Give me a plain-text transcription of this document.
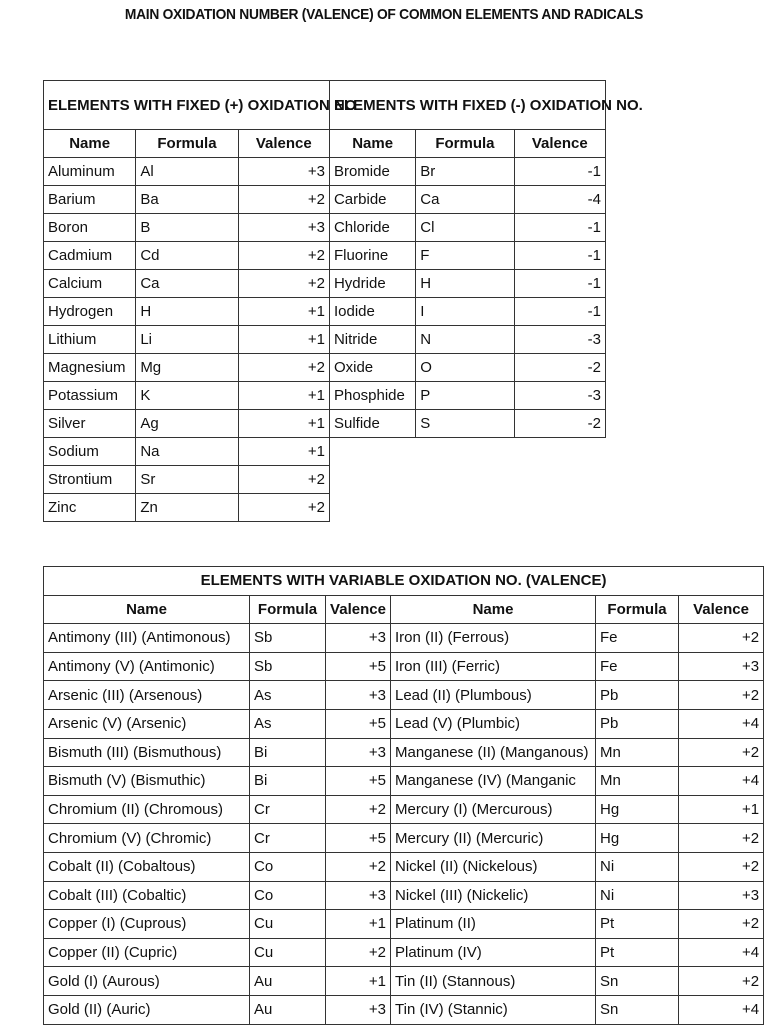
MAIN OXIDATION NUMBER (VALENCE) OF COMMON ELEMENTS AND RADICALS
ELEMENTS WITH FIXED (+) OXIDATION NO			ELEMENTS WITH FIXED (-) OXIDATION NO.		
Name	Formula	Valence	Name	Formula	Valence
Aluminum	Al	+3	Bromide	Br	-1
Barium	Ba	+2	Carbide	Ca	-4
Boron	B	+3	Chloride	Cl	-1
Cadmium	Cd	+2	Fluorine	F	-1
Calcium	Ca	+2	Hydride	H	-1
Hydrogen	H	+1	Iodide	I	-1
Lithium	Li	+1	Nitride	N	-3
Magnesium	Mg	+2	Oxide	O	-2
Potassium	K	+1	Phosphide	P	-3
Silver	Ag	+1	Sulfide	S	-2
Sodium	Na	+1			
Strontium	Sr	+2			
Zinc	Zn	+2			
ELEMENTS WITH VARIABLE OXIDATION NO. (VALENCE)					
Name	Formula	Valence	Name	Formula	Valence
Antimony (III) (Antimonous)	Sb	+3	Iron (II) (Ferrous)	Fe	+2
Antimony (V) (Antimonic)	Sb	+5	Iron (III) (Ferric)	Fe	+3
Arsenic (III) (Arsenous)	As	+3	Lead (II) (Plumbous)	Pb	+2
Arsenic (V) (Arsenic)	As	+5	Lead (V) (Plumbic)	Pb	+4
Bismuth (III) (Bismuthous)	Bi	+3	Manganese (II) (Manganous)	Mn	+2
Bismuth (V) (Bismuthic)	Bi	+5	Manganese (IV) (Manganic	Mn	+4
Chromium (II) (Chromous)	Cr	+2	Mercury (I) (Mercurous)	Hg	+1
Chromium (V) (Chromic)	Cr	+5	Mercury (II) (Mercuric)	Hg	+2
Cobalt (II) (Cobaltous)	Co	+2	Nickel (II) (Nickelous)	Ni	+2
Cobalt (III) (Cobaltic)	Co	+3	Nickel (III) (Nickelic)	Ni	+3
Copper (I) (Cuprous)	Cu	+1	Platinum (II)	Pt	+2
Copper (II) (Cupric)	Cu	+2	Platinum (IV)	Pt	+4
Gold (I) (Aurous)	Au	+1	Tin (II) (Stannous)	Sn	+2
Gold (II) (Auric)	Au	+3	Tin (IV) (Stannic)	Sn	+4
